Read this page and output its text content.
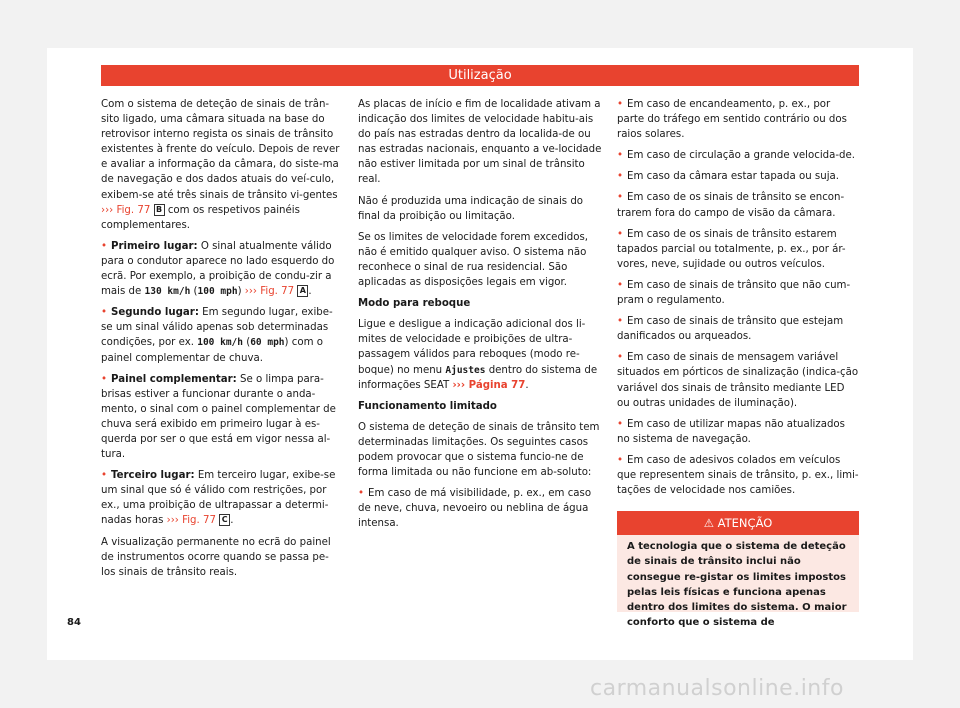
Utilização

Com o sistema de deteção de sinais de trân-sito ligado, uma câmara situada na base do retrovisor interno regista os sinais de trânsito existentes à frente do veículo. Depois de rever e avaliar a informação da câmara, do siste-ma de navegação e dos dados atuais do veí-culo, exibem-se até três sinais de trânsito vi-gentes ››› Fig. 77 B com os respetivos painéis complementares.

• Primeiro lugar: O sinal atualmente válido para o condutor aparece no lado esquerdo do ecrã. Por exemplo, a proibição de condu-zir a mais de 130 km/h (100 mph) ››› Fig. 77 A .

• Segundo lugar: Em segundo lugar, exibe-se um sinal válido apenas sob determinadas condições, por ex. 100 km/h (60 mph) com o painel complementar de chuva.

• Painel complementar: Se o limpa para-brisas estiver a funcionar durante o anda-mento, o sinal com o painel complementar de chuva será exibido em primeiro lugar à es-querda por ser o que está em vigor nessa al-tura.

• Terceiro lugar: Em terceiro lugar, exibe-se um sinal que só é válido com restrições, por ex., uma proibição de ultrapassar a determi-nadas horas ››› Fig. 77 C .

A visualização permanente no ecrã do painel de instrumentos ocorre quando se passa pe-los sinais de trânsito reais.

As placas de início e fim de localidade ativam a indicação dos limites de velocidade habitu-ais do país nas estradas dentro da localida-de ou nas estradas nacionais, enquanto a ve-locidade não estiver limitada por um sinal de trânsito real.

Não é produzida uma indicação de sinais do final da proibição ou limitação.

Se os limites de velocidade forem excedidos, não é emitido qualquer aviso. O sistema não reconhece o sinal de rua residencial. São aplicadas as disposições legais em vigor.

Modo para reboque

Ligue e desligue a indicação adicional dos li-mites de velocidade e proibições de ultra-passagem válidos para reboques (modo re-boque) no menu Ajustes dentro do sistema de informações SEAT ››› Página 77.

Funcionamento limitado

O sistema de deteção de sinais de trânsito tem determinadas limitações. Os seguintes casos podem provocar que o sistema funcio-ne de forma limitada ou não funcione em ab-soluto:

• Em caso de má visibilidade, p. ex., em caso de neve, chuva, nevoeiro ou neblina de água intensa.

• Em caso de encandeamento, p. ex., por parte do tráfego em sentido contrário ou dos raios solares.

• Em caso de circulação a grande velocida-de.

• Em caso da câmara estar tapada ou suja.

• Em caso de os sinais de trânsito se encon-trarem fora do campo de visão da câmara.

• Em caso de os sinais de trânsito estarem tapados parcial ou totalmente, p. ex., por ár-vores, neve, sujidade ou outros veículos.

• Em caso de sinais de trânsito que não cum-pram o regulamento.

• Em caso de sinais de trânsito que estejam danificados ou arqueados.

• Em caso de sinais de mensagem variável situados em pórticos de sinalização (indica-ção variável dos sinais de trânsito mediante LED ou outras unidades de iluminação).

• Em caso de utilizar mapas não atualizados no sistema de navegação.

• Em caso de adesivos colados em veículos que representem sinais de trânsito, p. ex., limi-tações de velocidade nos camiões.

⚠ ATENÇÃO
A tecnologia que o sistema de deteção de sinais de trânsito inclui não consegue re-gistar os limites impostos pelas leis físicas e funciona apenas dentro dos limites do sistema. O maior conforto que o sistema de
84
carmanualsonline.info
